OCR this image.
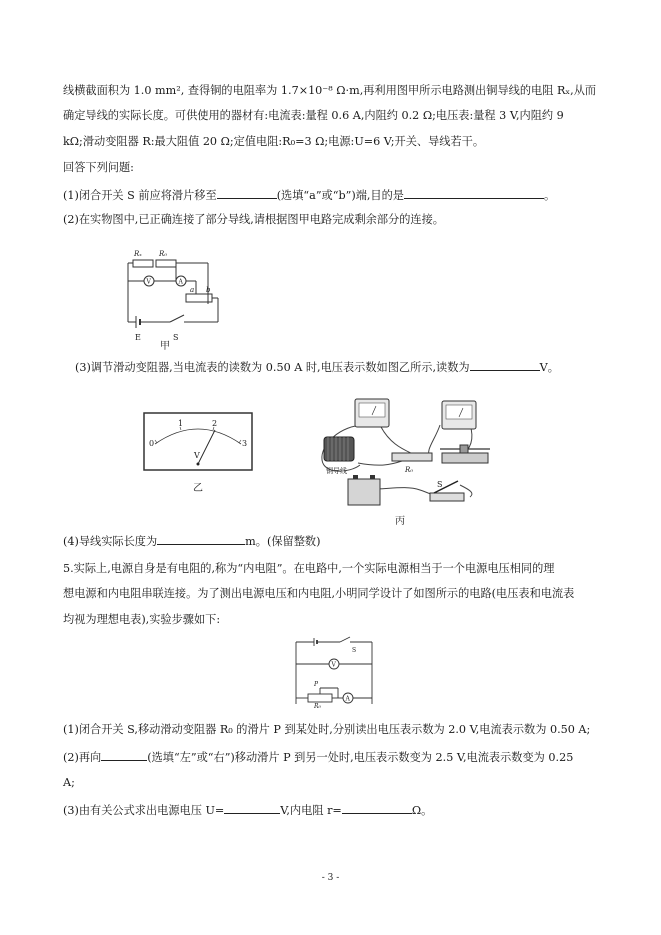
线横截面积为 1.0 mm², 查得铜的电阻率为 1.7×10⁻⁸ Ω·m,再利用图甲所示电路测出铜导线的电阻 Rₓ,从而
确定导线的实际长度。可供使用的器材有:电流表:量程 0.6 A,内阻约 0.2 Ω;电压表:量程 3 V,内阻约 9
kΩ;滑动变阻器 R:最大阻值 20 Ω;定值电阻:R₀=3 Ω;电源:U=6 V;开关、导线若干。
回答下列问题:
(1)闭合开关 S 前应将滑片移至	(选填“a”或“b”)端,目的是	。
(2)在实物图中,已正确连接了部分导线,请根据图甲电路完成剩余部分的连接。
Rₓ R₀
V	A
a b
E	S
甲
(3)调节滑动变阻器,当电流表的读数为 0.50 A 时,电压表示数如图乙所示,读数为	V。
0
1	2
3
V
乙
铜导线	R₀
S
丙
(4)导线实际长度为	m。(保留整数)
5.实际上,电源自身是有电阻的,称为“内电阻”。在电路中,一个实际电源相当于一个电源电压相同的理
想电源和内电阻串联连接。为了测出电源电压和内电阻,小明同学设计了如图所示的电路(电压表和电流表
均视为理想电表),实验步骤如下:
S
V
A
P
R₀
(1)闭合开关 S,移动滑动变阻器 R₀ 的滑片 P 到某处时,分别读出电压表示数为 2.0 V,电流表示数为 0.50 A;
(2)再向	(选填“左”或“右”)移动滑片 P 到另一处时,电压表示数变为 2.5 V,电流表示数变为 0.25
A;
(3)由有关公式求出电源电压 U=	V,内电阻 r=	Ω。
- 3 -
